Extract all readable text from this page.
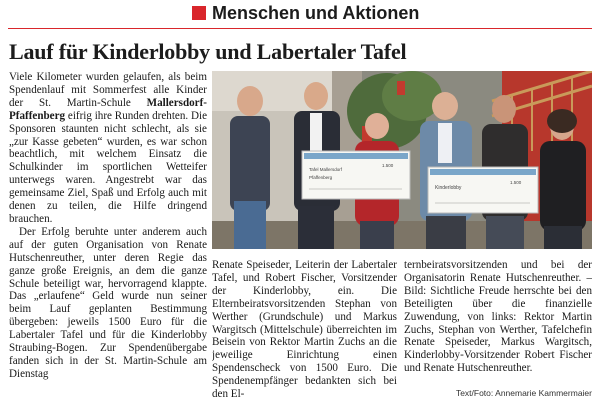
Menschen und Aktionen
Lauf für Kinderlobby und Labertaler Tafel

Viele Kilometer wurden gelaufen, als beim Spendenlauf mit Sommerfest alle Kinder der St. Martin-Schule Mallersdorf-Pfaffenberg eifrig ihre Runden drehten. Die Sponsoren staunten nicht schlecht, als sie „zur Kasse gebeten“ wurden, es war schon beachtlich, mit welchem Einsatz die Schulkinder im sportlichen Wetteifer unterwegs waren. Angestrebt war das gemeinsame Ziel, Spaß und Erfolg auch mit denen zu teilen, die Hilfe dringend brauchen.

Der Erfolg beruhte unter anderem auch auf der guten Organisation von Renate Hutschenreuther, unter deren Regie das ganze große Ereignis, an dem die ganze Schule beteiligt war, hervorragend klappte. Das „erlaufene“ Geld wurde nun seiner beim Lauf geplanten Bestimmung übergeben: jeweils 1500 Euro für die Labertaler Tafel und für die Kinderlobby Straubing-Bogen. Zur Spendenübergabe fanden sich in der St. Martin-Schule am Dienstag

Tafel Mallersdorf
Pfaffenberg
1.500
Kinderlobby
1.500

Renate Speiseder, Leiterin der Labertaler Tafel, und Robert Fischer, Vorsitzender der Kinderlobby, ein. Die Elternbeiratsvorsitzenden Stephan von Werther (Grundschule) und Markus Wargitsch (Mittelschule) überreichten im Beisein von Rektor Martin Zuchs an die jeweilige Einrichtung einen Spendenscheck von 1500 Euro. Die Spendenempfänger bedankten sich bei den El-

ternbeiratsvorsitzenden und bei der Organisatorin Renate Hutschenreuther. – Bild: Sichtliche Freude herrschte bei den Beteiligten über die finanzielle Zuwendung, von links: Rektor Martin Zuchs, Stephan von Werther, Tafelchefin Renate Speiseder, Markus Wargitsch, Kinderlobby-Vorsitzender Robert Fischer und Renate Hutschenreuther.

Text/Foto: Annemarie Kammermaier
